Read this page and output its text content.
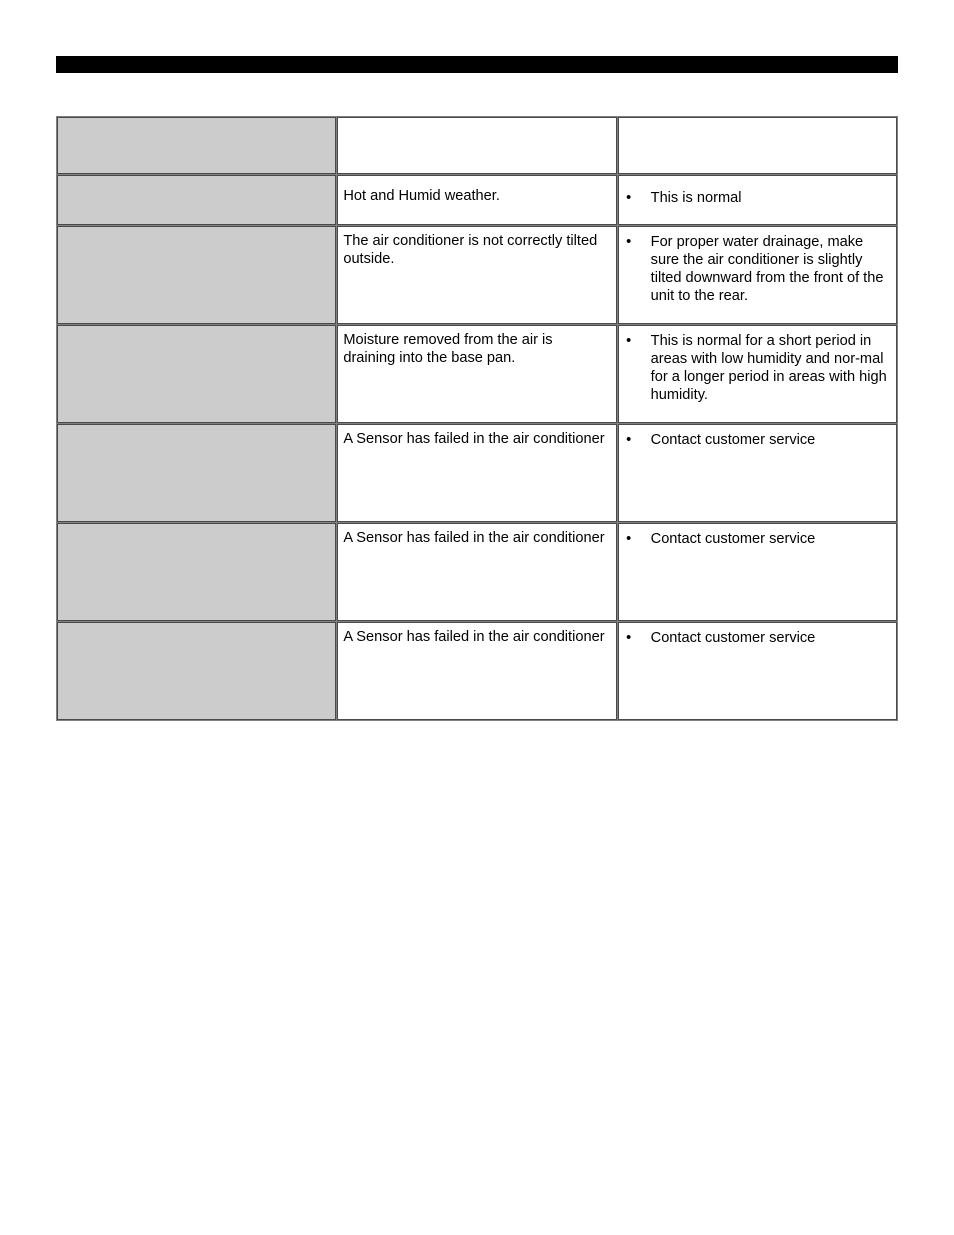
	Hot and Humid weather.	• This is normal

	The air conditioner is not correctly tilted outside.	• For proper water drainage, make sure the air conditioner is slightly tilted downward from the front of the unit to the rear.

	Moisture removed from the air is draining into the base pan.	• This is normal for a short period in areas with low humidity and nor-mal for a longer period in areas with high humidity.

	A Sensor has failed in the air conditioner	• Contact customer service

	A Sensor has failed in the air conditioner	• Contact customer service

	A Sensor has failed in the air conditioner	• Contact customer service
